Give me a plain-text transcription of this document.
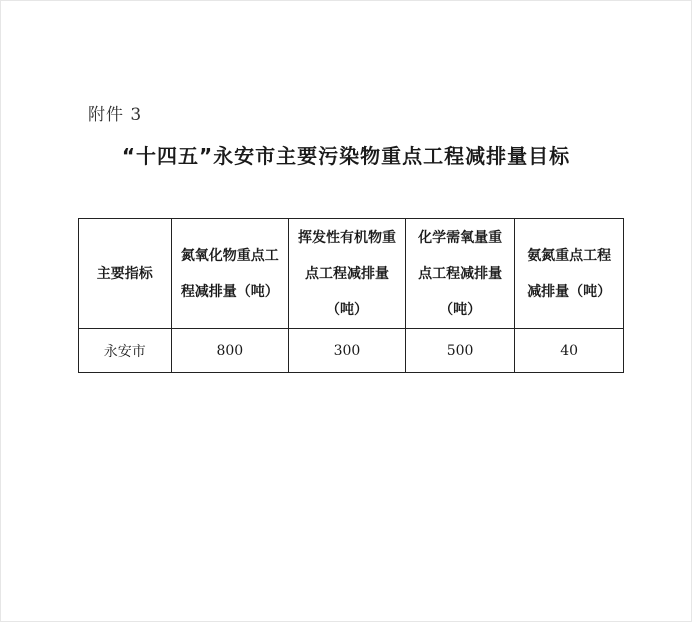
附件 3
“十四五”永安市主要污染物重点工程减排量目标
主要指标	氮氧化物重点工程减排量（吨）	挥发性有机物重点工程减排量（吨）	化学需氧量重点工程减排量（吨）	氨氮重点工程减排量（吨）

永安市	800	300	500	40
